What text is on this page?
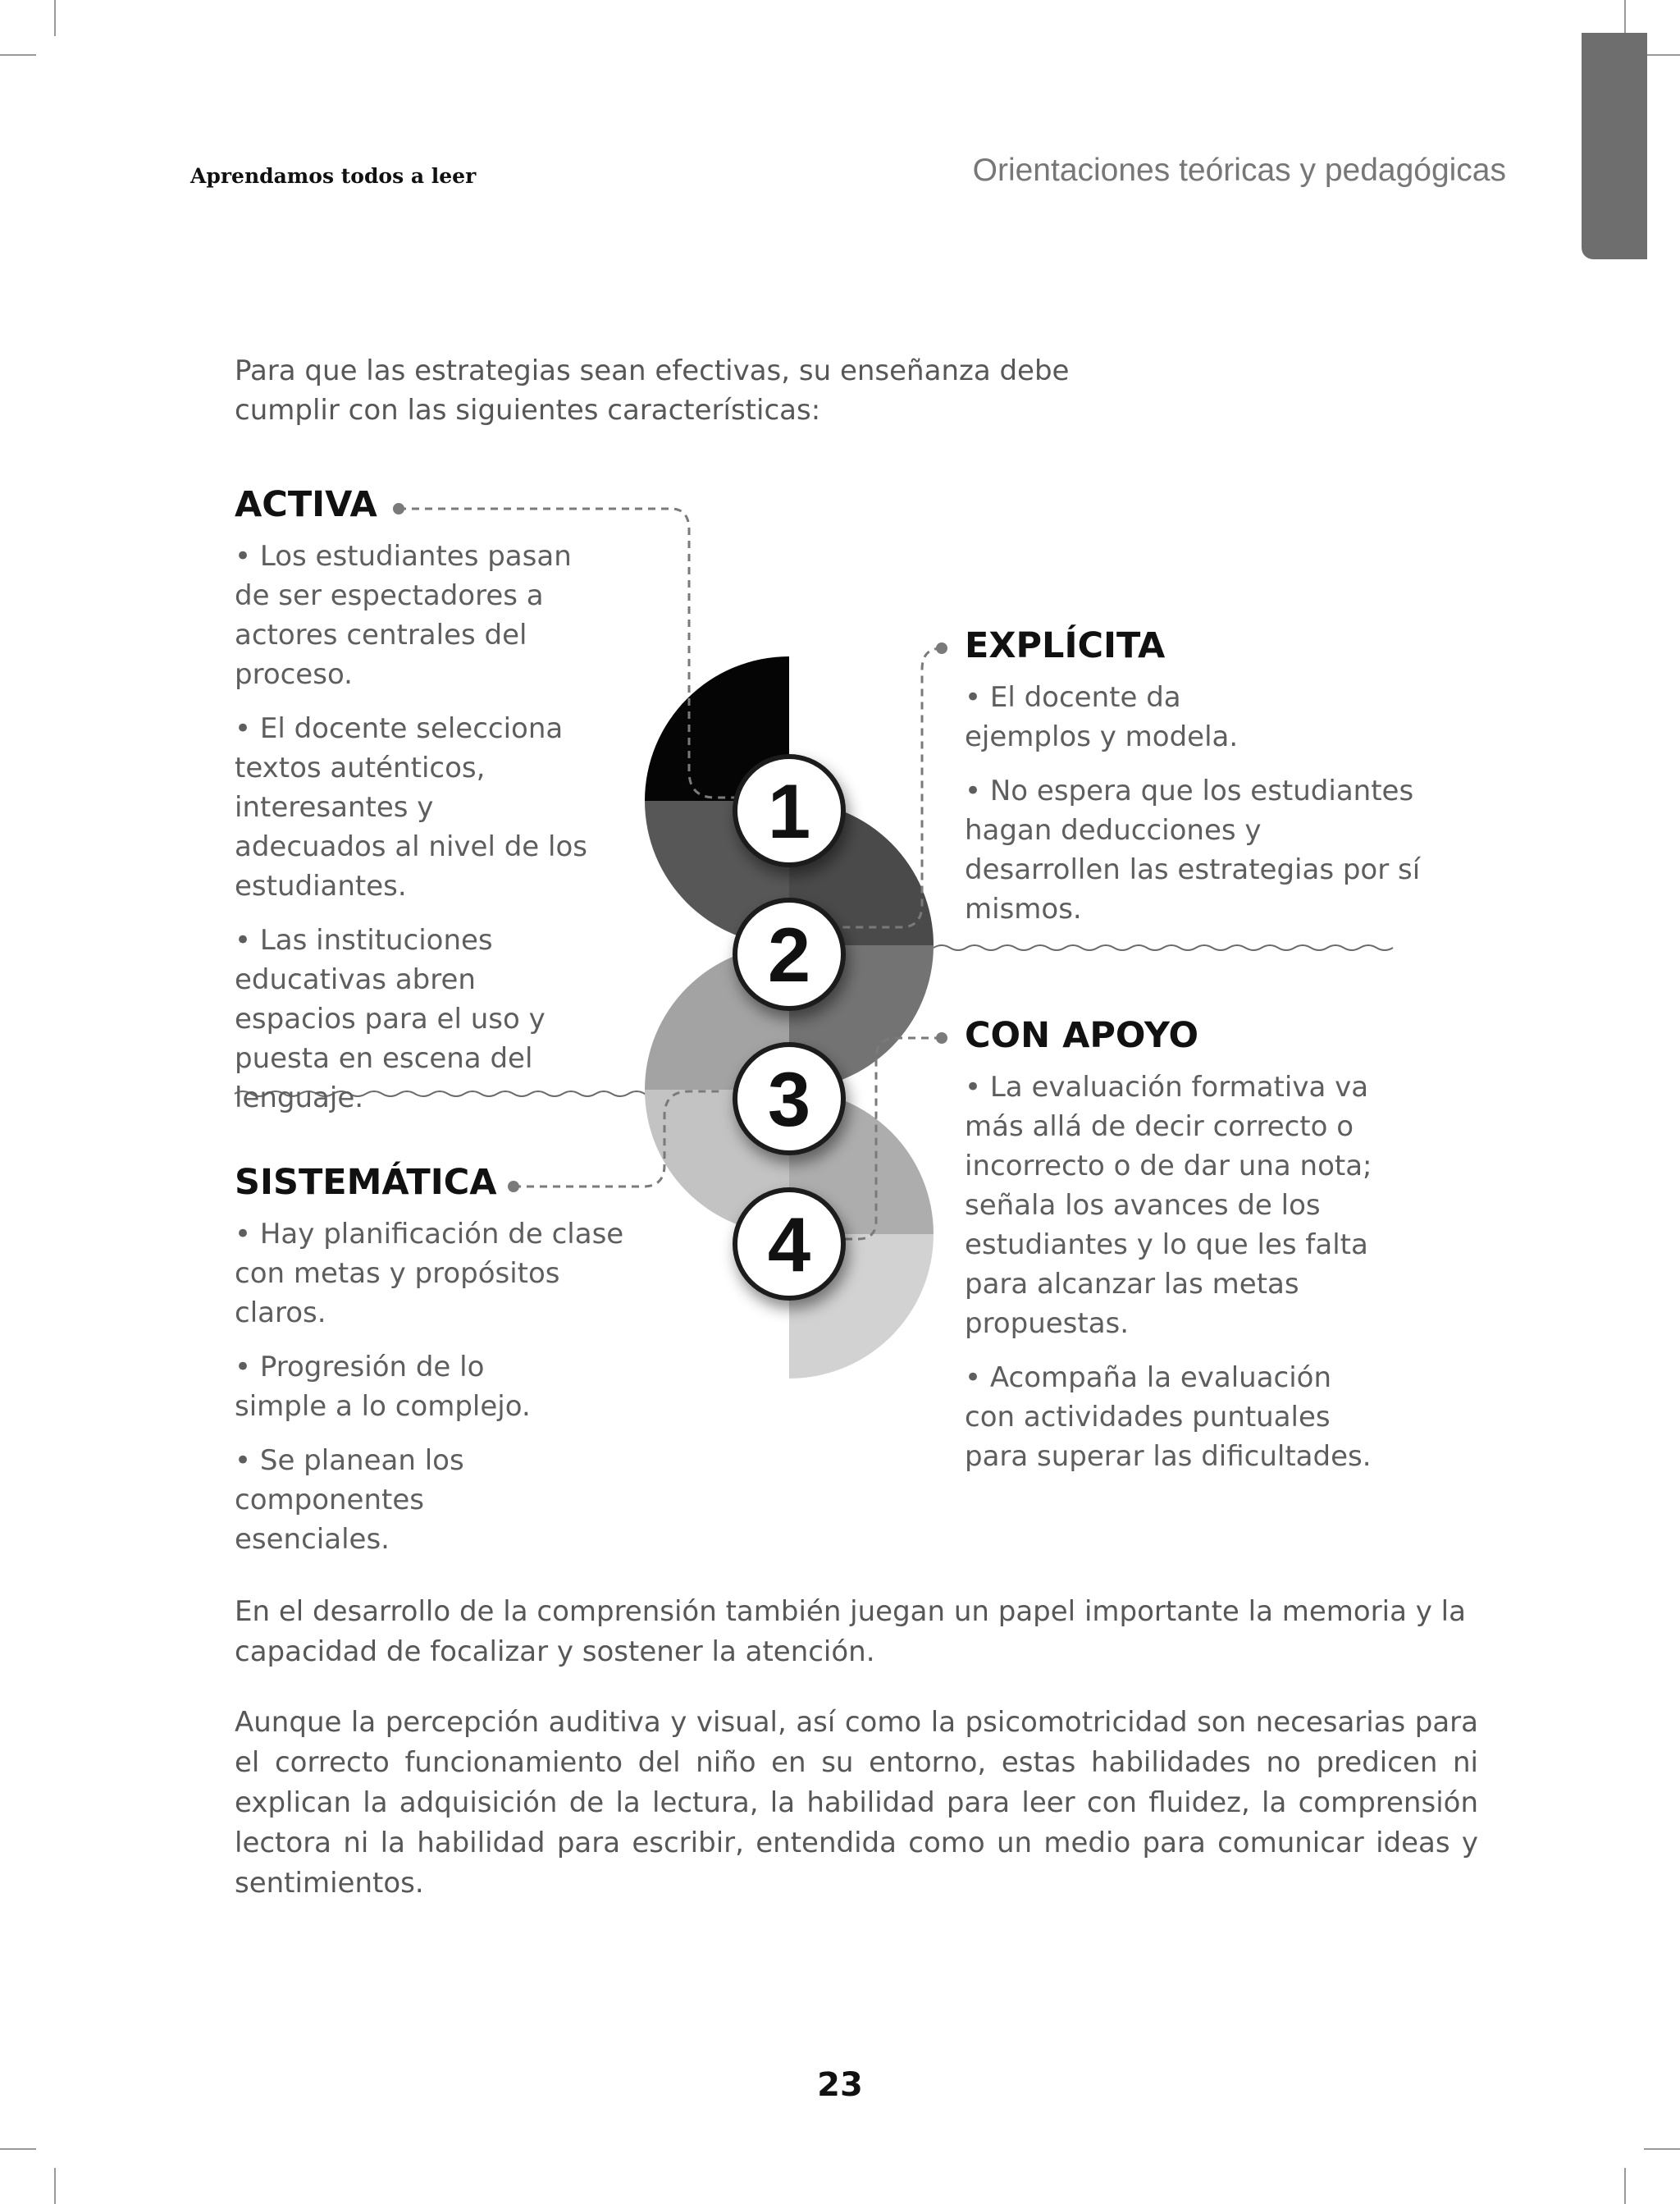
Aprendamos todos a leer	Orientaciones teóricas y pedagógicas
Para que las estrategias sean efectivas, su enseñanza debe cumplir con las siguientes características:
1
2
3
4
ACTIVA

• Los estudiantes pasan de ser espectadores a actores centrales del proceso.

• El docente selecciona textos auténticos, interesantes y adecuados al nivel de los estudiantes.

• Las instituciones educativas abren espacios para el uso y puesta en escena del lenguaje.

EXPLÍCITA

• El docente da ejemplos y modela.

• No espera que los estudiantes hagan deducciones y desarrollen las estrategias por sí mismos.

CON APOYO

• La evaluación formativa va más allá de decir correcto o incorrecto o de dar una nota; señala los avances de los estudiantes y lo que les falta para alcanzar las metas propuestas.

• Acompaña la evaluación con actividades puntuales para superar las dificultades.

SISTEMÁTICA

• Hay planificación de clase con metas y propósitos claros.

• Progresión de lo simple a lo complejo.

• Se planean los componentes esenciales.

En el desarrollo de la comprensión también juegan un papel importante la memoria y la capacidad de focalizar y sostener la atención.

Aunque la percepción auditiva y visual, así como la psicomotricidad son necesarias para el correcto funcionamiento del niño en su entorno, estas habilidades no predicen ni explican la adquisición de la lectura, la habilidad para leer con fluidez, la comprensión lectora ni la habilidad para escribir, entendida como un medio para comunicar ideas y sentimientos.

23
